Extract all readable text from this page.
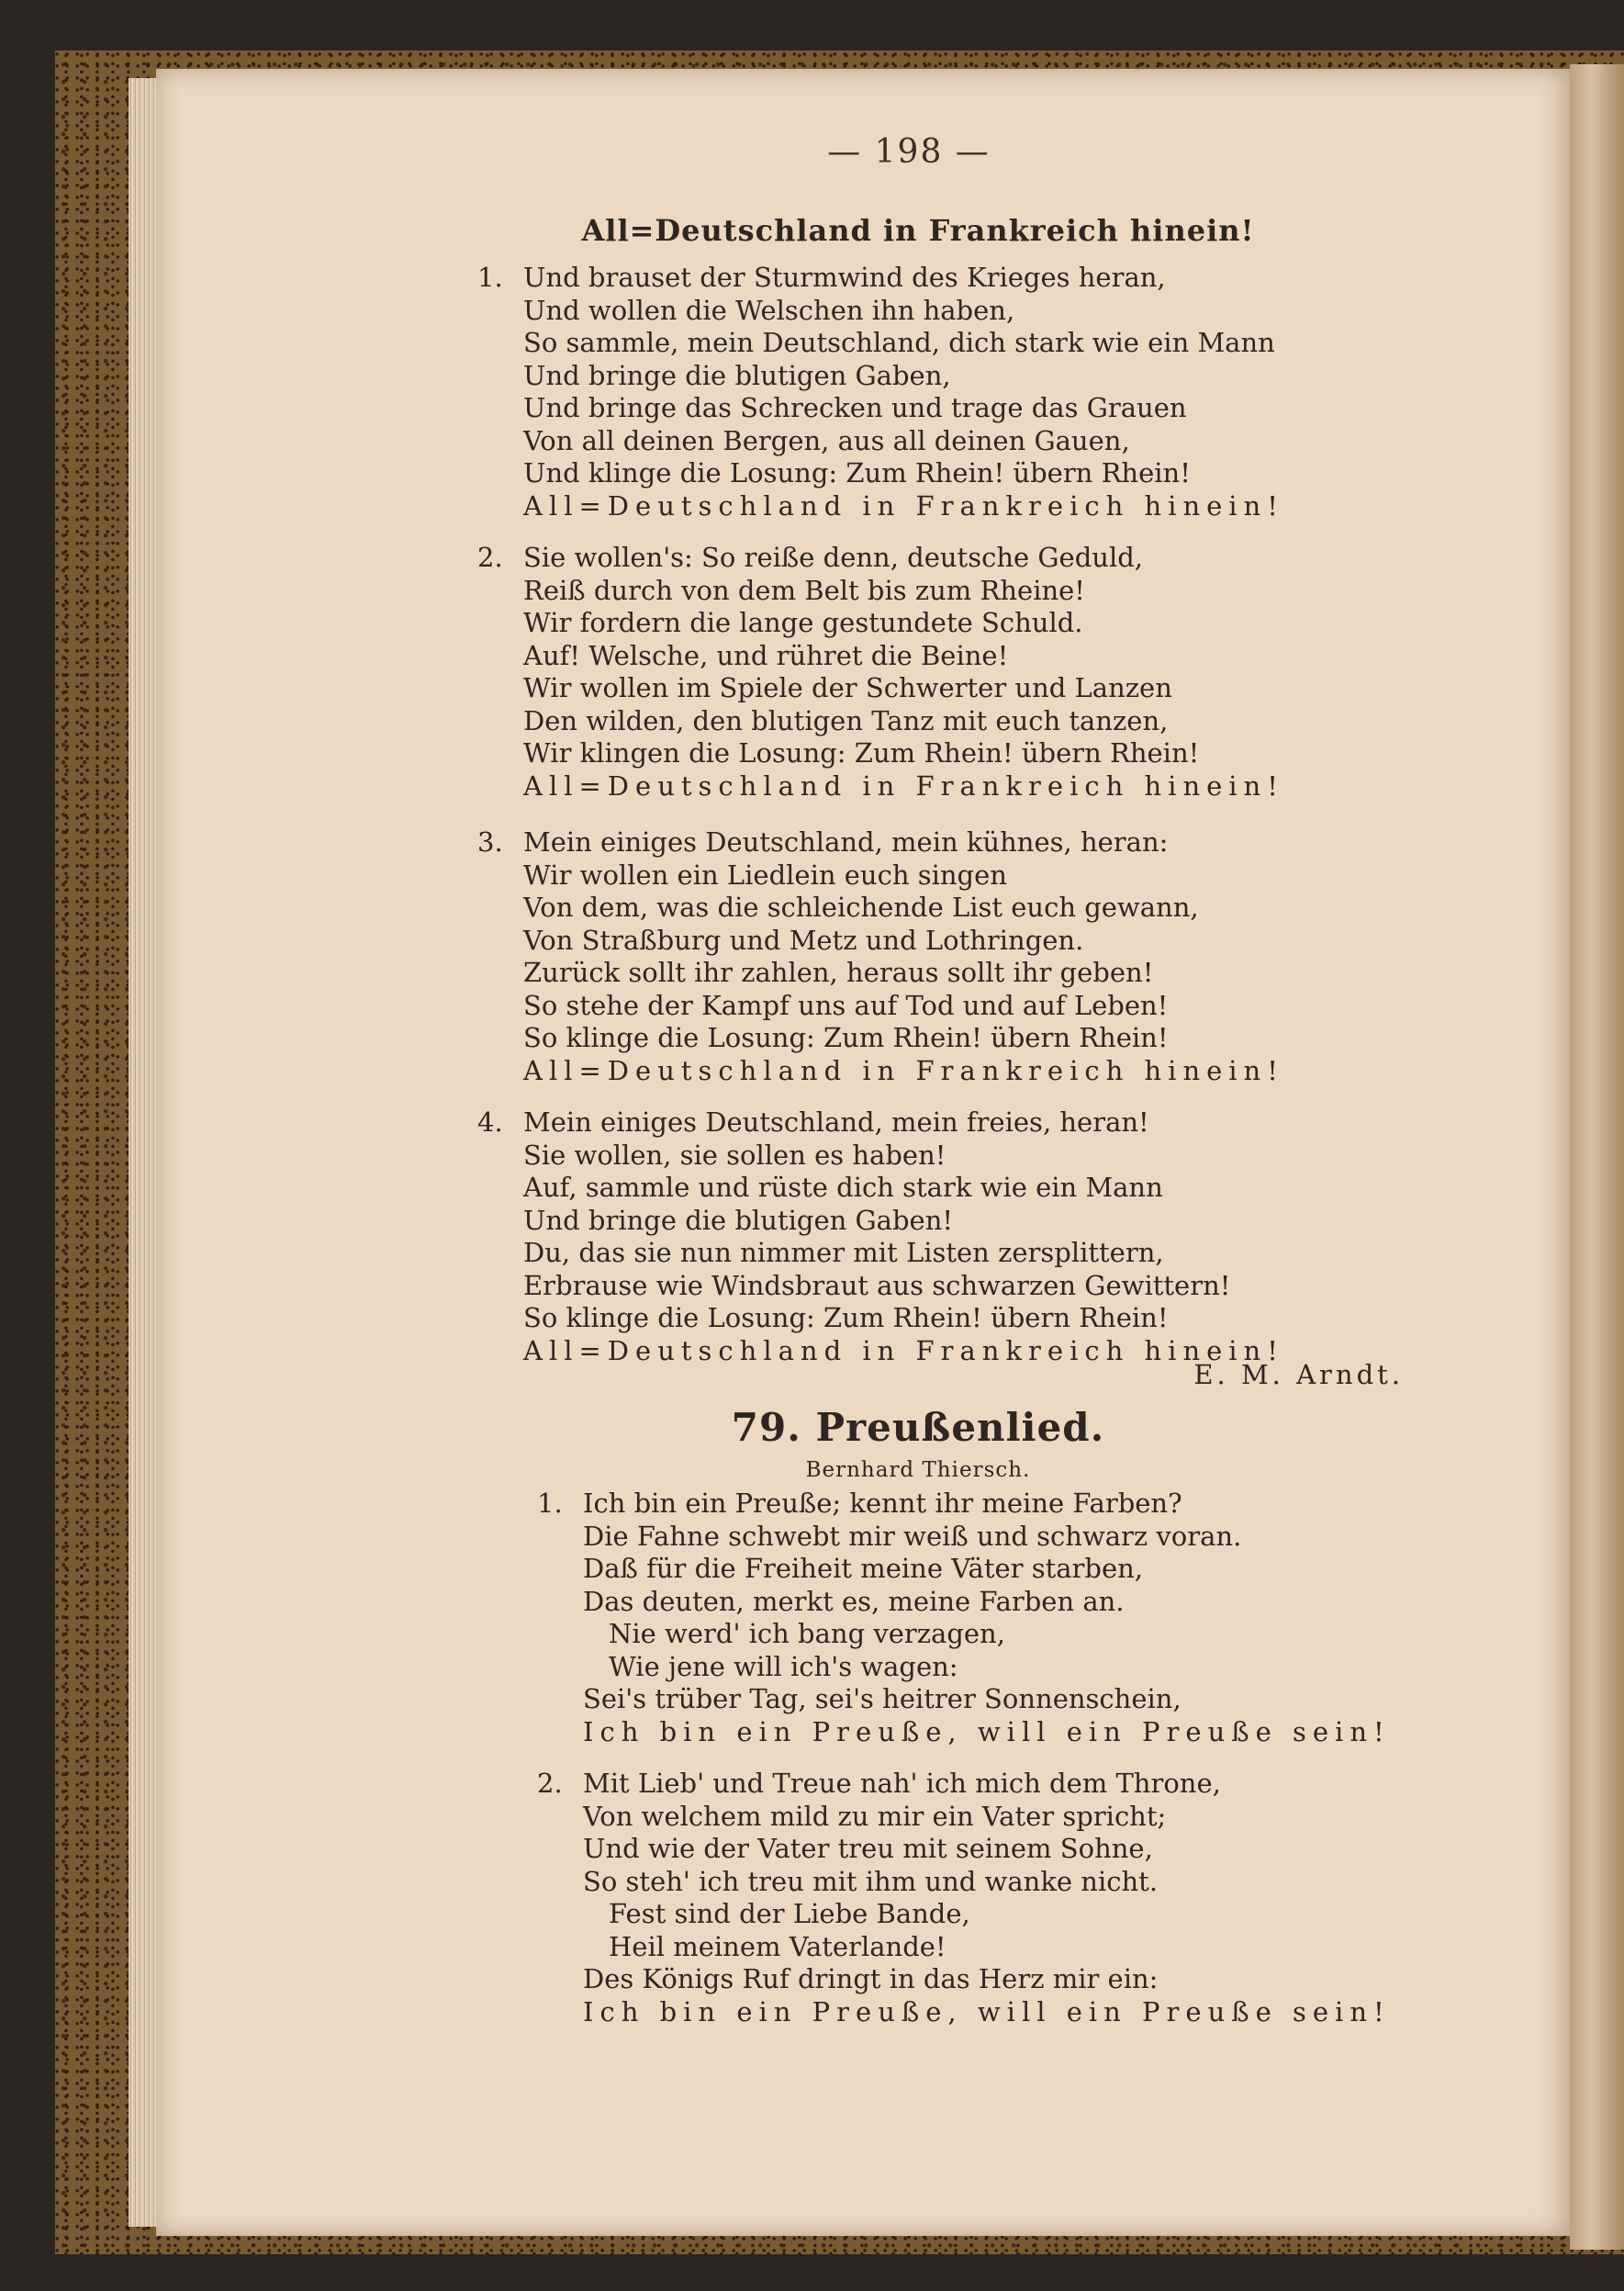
— 198 —
All=Deutschland in Frankreich hinein!
1. Und brauset der Sturmwind des Krieges heran,
Und wollen die Welschen ihn haben,
So sammle, mein Deutschland, dich stark wie ein Mann
Und bringe die blutigen Gaben,
Und bringe das Schrecken und trage das Grauen
Von all deinen Bergen, aus all deinen Gauen,
Und klinge die Losung: Zum Rhein! übern Rhein!
All=Deutschland in Frankreich hinein!
2. Sie wollen's: So reiße denn, deutsche Geduld,
Reiß durch von dem Belt bis zum Rheine!
Wir fordern die lange gestundete Schuld.
Auf! Welsche, und rühret die Beine!
Wir wollen im Spiele der Schwerter und Lanzen
Den wilden, den blutigen Tanz mit euch tanzen,
Wir klingen die Losung: Zum Rhein! übern Rhein!
All=Deutschland in Frankreich hinein!
3. Mein einiges Deutschland, mein kühnes, heran:
Wir wollen ein Liedlein euch singen
Von dem, was die schleichende List euch gewann,
Von Straßburg und Metz und Lothringen.
Zurück sollt ihr zahlen, heraus sollt ihr geben!
So stehe der Kampf uns auf Tod und auf Leben!
So klinge die Losung: Zum Rhein! übern Rhein!
All=Deutschland in Frankreich hinein!
4. Mein einiges Deutschland, mein freies, heran!
Sie wollen, sie sollen es haben!
Auf, sammle und rüste dich stark wie ein Mann
Und bringe die blutigen Gaben!
Du, das sie nun nimmer mit Listen zersplittern,
Erbrause wie Windsbraut aus schwarzen Gewittern!
So klinge die Losung: Zum Rhein! übern Rhein!
All=Deutschland in Frankreich hinein!
E. M. Arndt.
79. Preußenlied.
Bernhard Thiersch.
1. Ich bin ein Preuße; kennt ihr meine Farben?
Die Fahne schwebt mir weiß und schwarz voran.
Daß für die Freiheit meine Väter starben,
Das deuten, merkt es, meine Farben an.
Nie werd' ich bang verzagen,
Wie jene will ich's wagen:
Sei's trüber Tag, sei's heitrer Sonnenschein,
Ich bin ein Preuße, will ein Preuße sein!
2. Mit Lieb' und Treue nah' ich mich dem Throne,
Von welchem mild zu mir ein Vater spricht;
Und wie der Vater treu mit seinem Sohne,
So steh' ich treu mit ihm und wanke nicht.
Fest sind der Liebe Bande,
Heil meinem Vaterlande!
Des Königs Ruf dringt in das Herz mir ein:
Ich bin ein Preuße, will ein Preuße sein!
